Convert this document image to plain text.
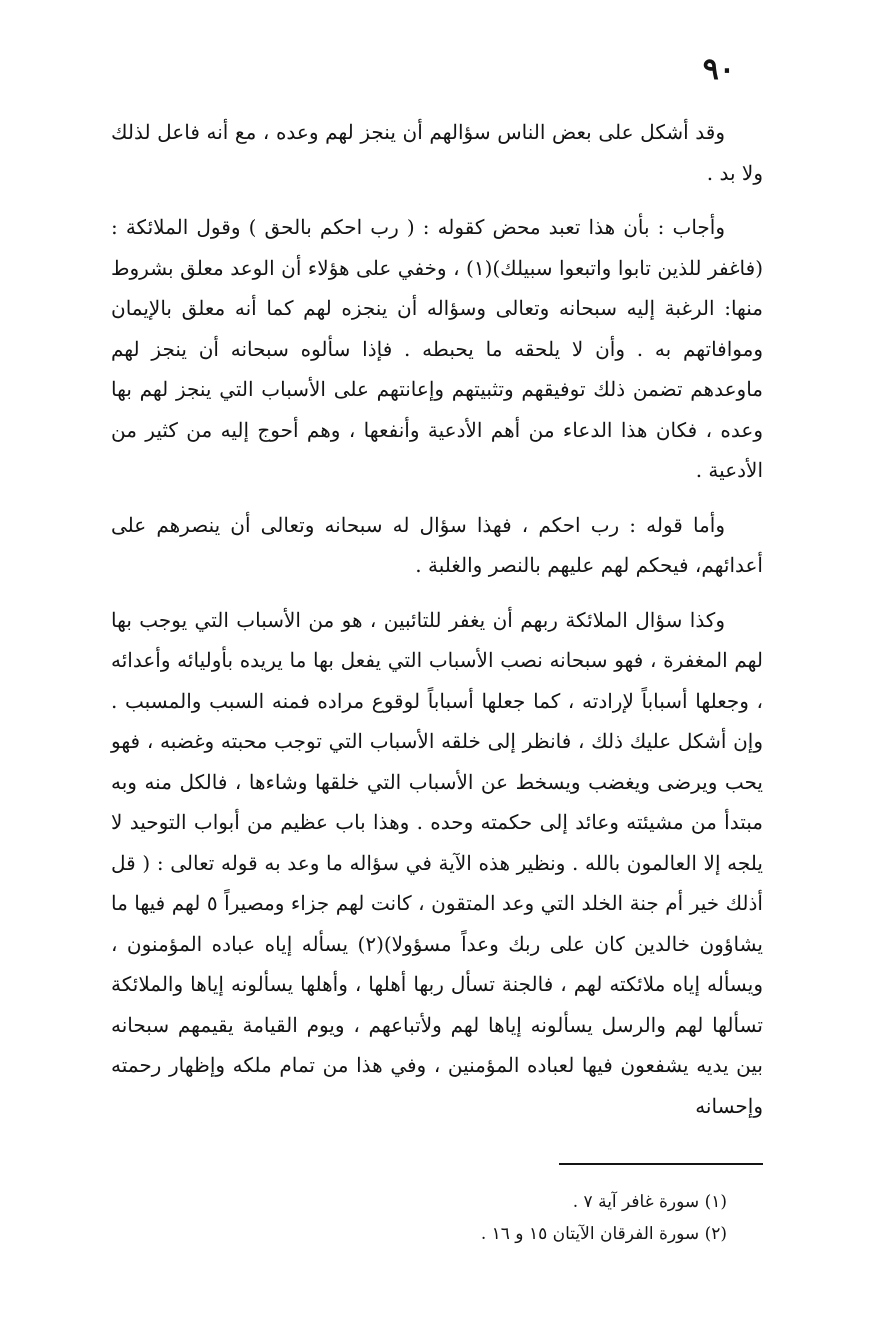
٩٠

وقد أشكل على بعض الناس سؤالهم أن ينجز لهم وعده ، مع أنه فاعل لذلك ولا بد .

وأجاب : بأن هذا تعبد محض كقوله : ( رب احكم بالحق ) وقول الملائكة : (فاغفر للذين تابوا واتبعوا سبيلك)(١) ، وخفي على هؤلاء أن الوعد معلق بشروط منها: الرغبة إليه سبحانه وتعالى وسؤاله أن ينجزه لهم كما أنه معلق بالإيمان وموافاتهم به . وأن لا يلحقه ما يحبطه . فإذا سألوه سبحانه أن ينجز لهم ماوعدهم تضمن ذلك توفيقهم وتثبيتهم وإعانتهم على الأسباب التي ينجز لهم بها وعده ، فكان هذا الدعاء من أهم الأدعية وأنفعها ، وهم أحوج إليه من كثير من الأدعية .

وأما قوله : رب احكم ، فهذا سؤال له سبحانه وتعالى أن ينصرهم على أعدائهم، فيحكم لهم عليهم بالنصر والغلبة .

وكذا سؤال الملائكة ربهم أن يغفر للتائبين ، هو من الأسباب التي يوجب بها لهم المغفرة ، فهو سبحانه نصب الأسباب التي يفعل بها ما يريده بأوليائه وأعدائه ، وجعلها أسباباً لإرادته ، كما جعلها أسباباً لوقوع مراده فمنه السبب والمسبب . وإن أشكل عليك ذلك ، فانظر إلى خلقه الأسباب التي توجب محبته وغضبه ، فهو يحب ويرضى ويغضب ويسخط عن الأسباب التي خلقها وشاءها ، فالكل منه وبه مبتدأ من مشيئته وعائد إلى حكمته وحده . وهذا باب عظيم من أبواب التوحيد لا يلجه إلا العالمون بالله . ونظير هذه الآية في سؤاله ما وعد به قوله تعالى : ( قل أذلك خير أم جنة الخلد التي وعد المتقون ، كانت لهم جزاء ومصيراً ٥ لهم فيها ما يشاؤون خالدين كان على ربك وعداً مسؤولا)(٢) يسأله إياه عباده المؤمنون ، ويسأله إياه ملائكته لهم ، فالجنة تسأل ربها أهلها ، وأهلها يسألونه إياها والملائكة تسألها لهم والرسل يسألونه إياها لهم ولأتباعهم ، ويوم القيامة يقيمهم سبحانه بين يديه يشفعون فيها لعباده المؤمنين ، وفي هذا من تمام ملكه وإظهار رحمته وإحسانه

(١) سورة غافر آية ٧ .

(٢) سورة الفرقان الآيتان ١٥ و ١٦ .
